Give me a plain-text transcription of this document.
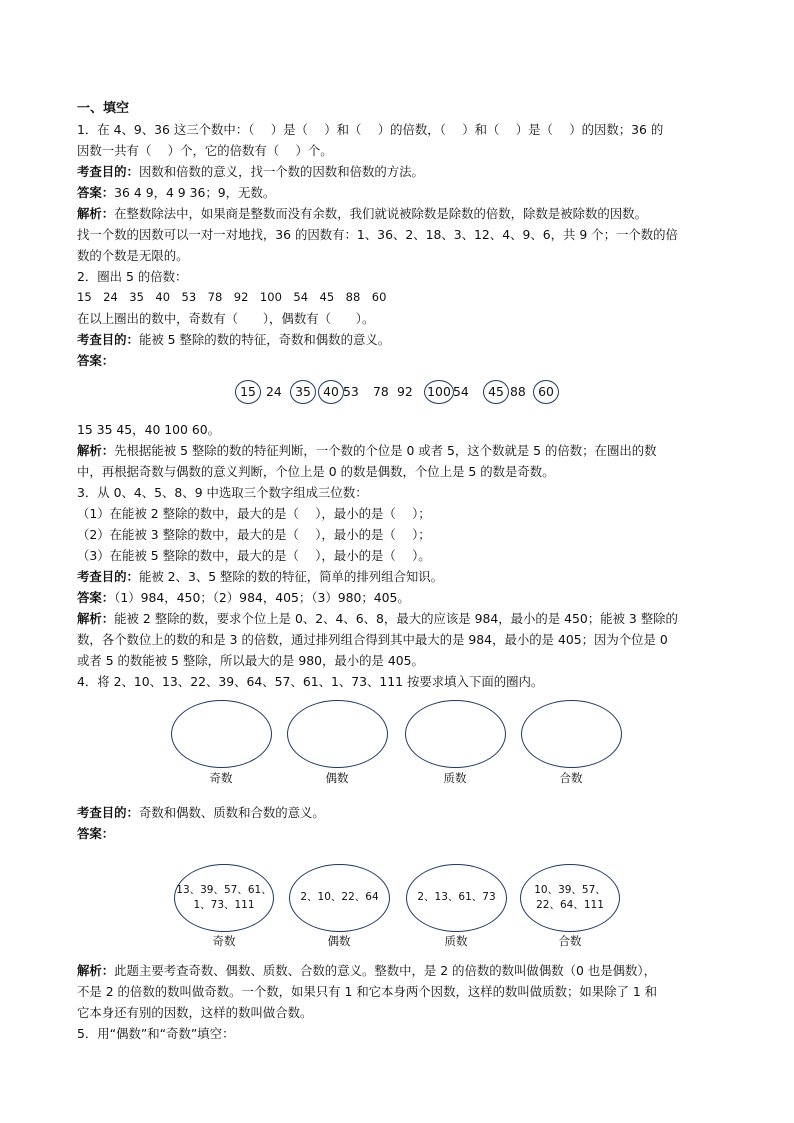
一、填空
1．在 4、9、36 这三个数中：（　 ）是（　 ）和（　 ）的倍数，（　 ）和（　 ）是（　 ）的因数；36 的
因数一共有（　 ）个，它的倍数有（　 ）个。
考查目的：因数和倍数的意义，找一个数的因数和倍数的方法。
答案：36 4 9，4 9 36；9，无数。
解析：在整数除法中，如果商是整数而没有余数，我们就说被除数是除数的倍数，除数是被除数的因数。
找一个数的因数可以一对一对地找，36 的因数有：1、36、2、18、3、12、4、9、6，共 9 个；一个数的倍
数的个数是无限的。
2．圈出 5 的倍数：
15　24　35　40　53　78　92　100　54　45　88　60
在以上圈出的数中，奇数有（　　），偶数有（　　）。
考查目的：能被 5 整除的数的特征，奇数和偶数的意义。
答案：
15 24	35 40 53 78 92 100 54	45 88 60
15 35 45，40 100 60。
解析：先根据能被 5 整除的数的特征判断，一个数的个位是 0 或者 5，这个数就是 5 的倍数；在圈出的数
中，再根据奇数与偶数的意义判断，个位上是 0 的数是偶数，个位上是 5 的数是奇数。
3．从 0、4、5、8、9 中选取三个数字组成三位数：
（1）在能被 2 整除的数中，最大的是（　 ），最小的是（　 ）；
（2）在能被 3 整除的数中，最大的是（　 ），最小的是（　 ）；
（3）在能被 5 整除的数中，最大的是（　 ），最小的是（　 ）。
考查目的：能被 2、3、5 整除的数的特征，简单的排列组合知识。
答案：（1）984，450；（2）984，405；（3）980；405。
解析：能被 2 整除的数，要求个位上是 0、2、4、6、8，最大的应该是 984，最小的是 450；能被 3 整除的
数，各个数位上的数的和是 3 的倍数，通过排列组合得到其中最大的是 984，最小的是 405；因为个位是 0
或者 5 的数能被 5 整除，所以最大的是 980，最小的是 405。
4．将 2、10、13、22、39、64、57、61、1、73、111 按要求填入下面的圈内。
奇数	偶数	质数	合数
考查目的：奇数和偶数、质数和合数的意义。
答案：
13、39、57、61、
1、73、111
2、10、22、64	2、13、61、73
10、39、57、
22、64、111
奇数	偶数	质数	合数
解析：此题主要考查奇数、偶数、质数、合数的意义。整数中，是 2 的倍数的数叫做偶数（0 也是偶数），
不是 2 的倍数的数叫做奇数。一个数，如果只有 1 和它本身两个因数，这样的数叫做质数；如果除了 1 和
它本身还有别的因数，这样的数叫做合数。
5．用“偶数”和“奇数”填空：
